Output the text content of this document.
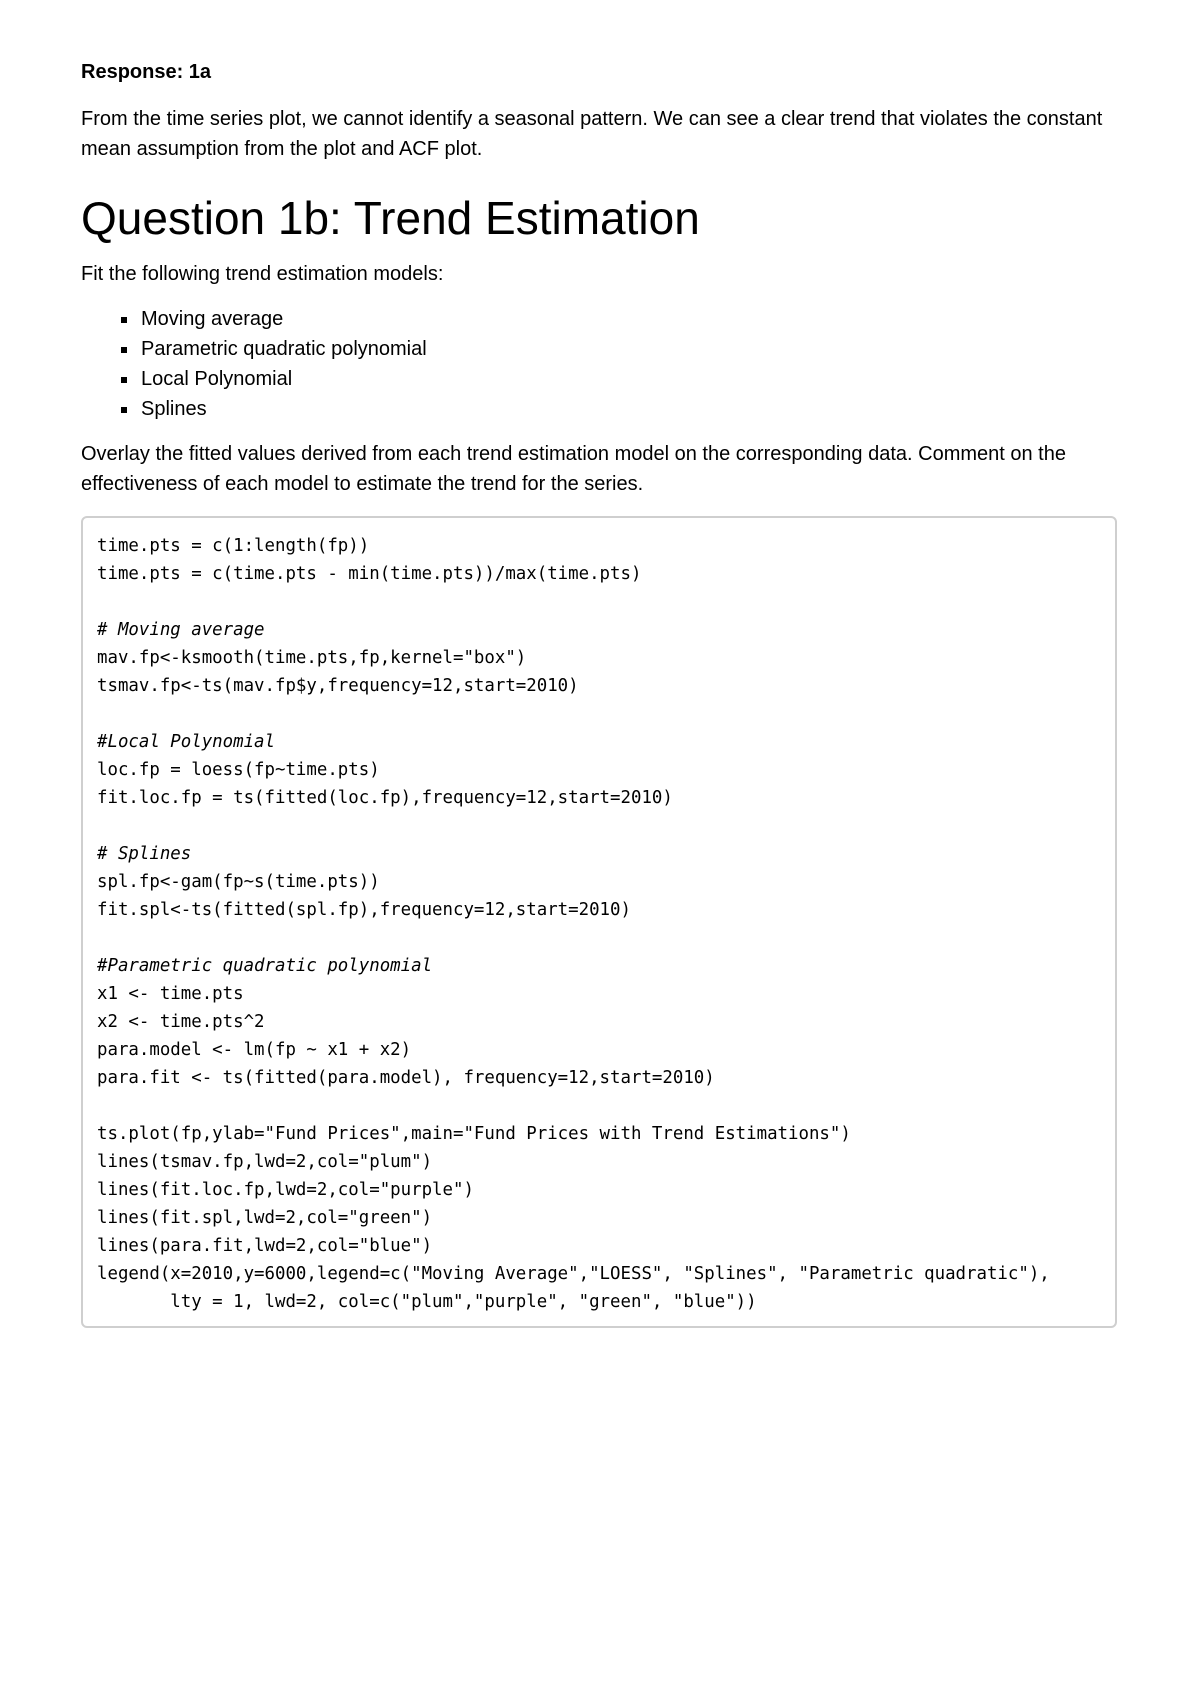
Response: 1a

From the time series plot, we cannot identify a seasonal pattern. We can see a clear trend that violates the constant mean assumption from the plot and ACF plot.

Question 1b: Trend Estimation

Fit the following trend estimation models:

Moving average
Parametric quadratic polynomial
Local Polynomial
Splines

Overlay the fitted values derived from each trend estimation model on the corresponding data. Comment on the effectiveness of each model to estimate the trend for the series.

time.pts = c(1:length(fp))
time.pts = c(time.pts - min(time.pts))/max(time.pts)
# Moving average
mav.fp<-ksmooth(time.pts,fp,kernel="box")
tsmav.fp<-ts(mav.fp$y,frequency=12,start=2010)
#Local Polynomial
loc.fp = loess(fp~time.pts)
fit.loc.fp = ts(fitted(loc.fp),frequency=12,start=2010)
# Splines
spl.fp<-gam(fp~s(time.pts))
fit.spl<-ts(fitted(spl.fp),frequency=12,start=2010)
#Parametric quadratic polynomial
x1 <- time.pts
x2 <- time.pts^2
para.model <- lm(fp ~ x1 + x2)
para.fit <- ts(fitted(para.model), frequency=12,start=2010)
ts.plot(fp,ylab="Fund Prices",main="Fund Prices with Trend Estimations")
lines(tsmav.fp,lwd=2,col="plum")
lines(fit.loc.fp,lwd=2,col="purple")
lines(fit.spl,lwd=2,col="green")
lines(para.fit,lwd=2,col="blue")
legend(x=2010,y=6000,legend=c("Moving Average","LOESS", "Splines", "Parametric quadratic"),
lty = 1, lwd=2, col=c("plum","purple", "green", "blue"))
